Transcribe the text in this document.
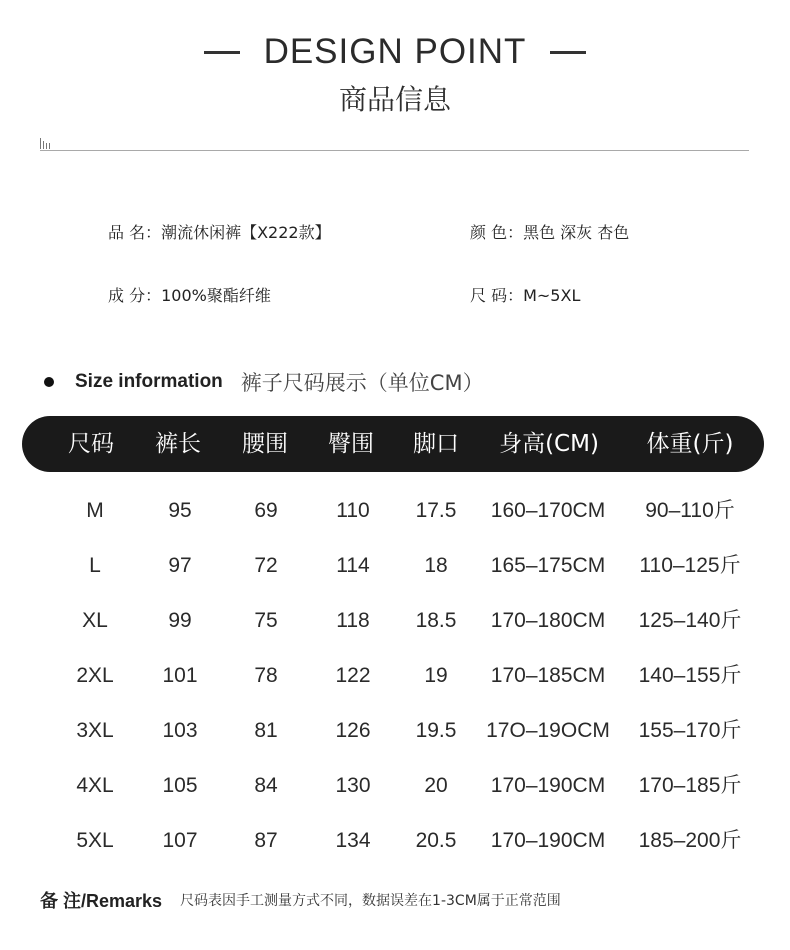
DESIGN POINT
商品信息
品 名：潮流休闲裤【X222款】	颜 色：黑色 深灰 杏色
成 分：100%聚酯纤维	尺 码：M~5XL
Size information 裤子尺码展示（单位CM）
尺码 裤长 腰围 臀围 脚口 身高(CM) 体重(斤)
M	95	69	110 17.5 160–170CM 90–110斤
L	97	72	114	18 165–175CM 110–125斤
XL	99	75	118 18.5 170–180CM 125–140斤
2XL 101	78	122	19 170–185CM 140–155斤
3XL 103	81	126 19.5 17O–19OCM 155–170斤
4XL 105	84	130	20 170–190CM 170–185斤
5XL 107	87	134 20.5 170–190CM 185–200斤
备 注/Remarks 尺码表因手工测量方式不同，数据误差在1-3CM属于正常范围
